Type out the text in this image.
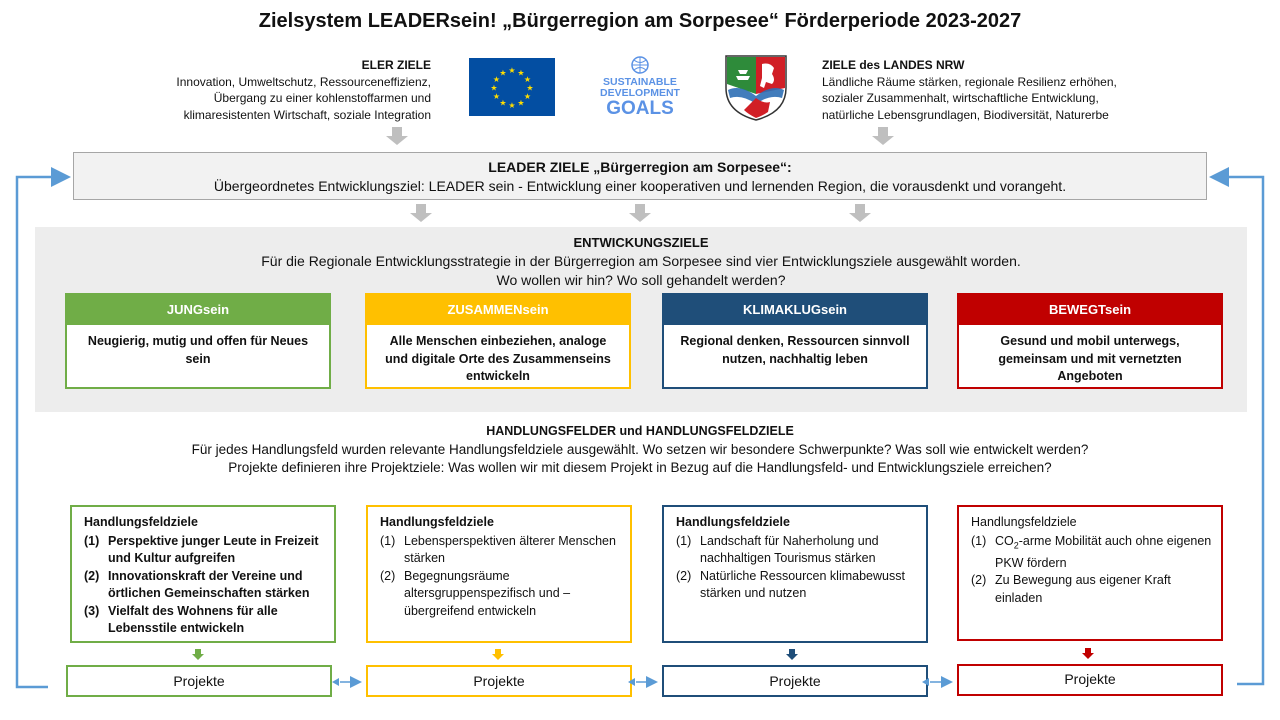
Zielsystem LEADERsein! „Bürgerregion am Sorpesee“ Förderperiode 2023-2027
ELER ZIELE
Innovation, Umweltschutz, Ressourceneffizienz,
Übergang zu einer kohlenstoffarmen und
klimaresistenten Wirtschaft, soziale Integration
★ ★
★
★
★
★
★
★
★
★
★
★
SUSTAINABLE
DEVELOPMENT
GOALS
ZIELE des LANDES NRW
Ländliche Räume stärken, regionale Resilienz erhöhen,
sozialer Zusammenhalt, wirtschaftliche Entwicklung,
natürliche Lebensgrundlagen, Biodiversität, Naturerbe
LEADER ZIELE „Bürgerregion am Sorpesee“:
Übergeordnetes Entwicklungsziel: LEADER sein - Entwicklung einer kooperativen und lernenden Region, die vorausdenkt und vorangeht.
ENTWICKUNGSZIELE
Für die Regionale Entwicklungsstrategie in der Bürgerregion am Sorpesee sind vier Entwicklungsziele ausgewählt worden.
Wo wollen wir hin? Wo soll gehandelt werden?
JUNGsein
Neugierig, mutig und offen für Neues sein
ZUSAMMENsein
Alle Menschen einbeziehen, analoge und digitale Orte des Zusammenseins entwickeln
KLIMAKLUGsein
Regional denken, Ressourcen sinnvoll nutzen, nachhaltig leben
BEWEGTsein
Gesund und mobil unterwegs, gemeinsam und mit vernetzten Angeboten
HANDLUNGSFELDER und HANDLUNGSFELDZIELE
Für jedes Handlungsfeld wurden relevante Handlungsfeldziele ausgewählt. Wo setzen wir besondere Schwerpunkte? Was soll wie entwickelt werden?
Projekte definieren ihre Projektziele: Was wollen wir mit diesem Projekt in Bezug auf die Handlungsfeld- und Entwicklungsziele erreichen?
Handlungsfeldziele
(1) Perspektive junger Leute in Freizeit und Kultur aufgreifen
(2) Innovationskraft der Vereine und örtlichen Gemeinschaften stärken
(3) Vielfalt des Wohnens für alle Lebensstile entwickeln
Handlungsfeldziele
(1) Lebensperspektiven älterer Menschen stärken
(2) Begegnungsräume altersgruppenspezifisch und – übergreifend entwickeln
Handlungsfeldziele
(1) Landschaft für Naherholung und nachhaltigen Tourismus stärken
(2) Natürliche Ressourcen klimabewusst stärken und nutzen
Handlungsfeldziele
(1) $CO_2$-arme Mobilität auch ohne eigenen PKW fördern
(2) Zu Bewegung aus eigener Kraft einladen
Projekte	Projekte	Projekte	Projekte
